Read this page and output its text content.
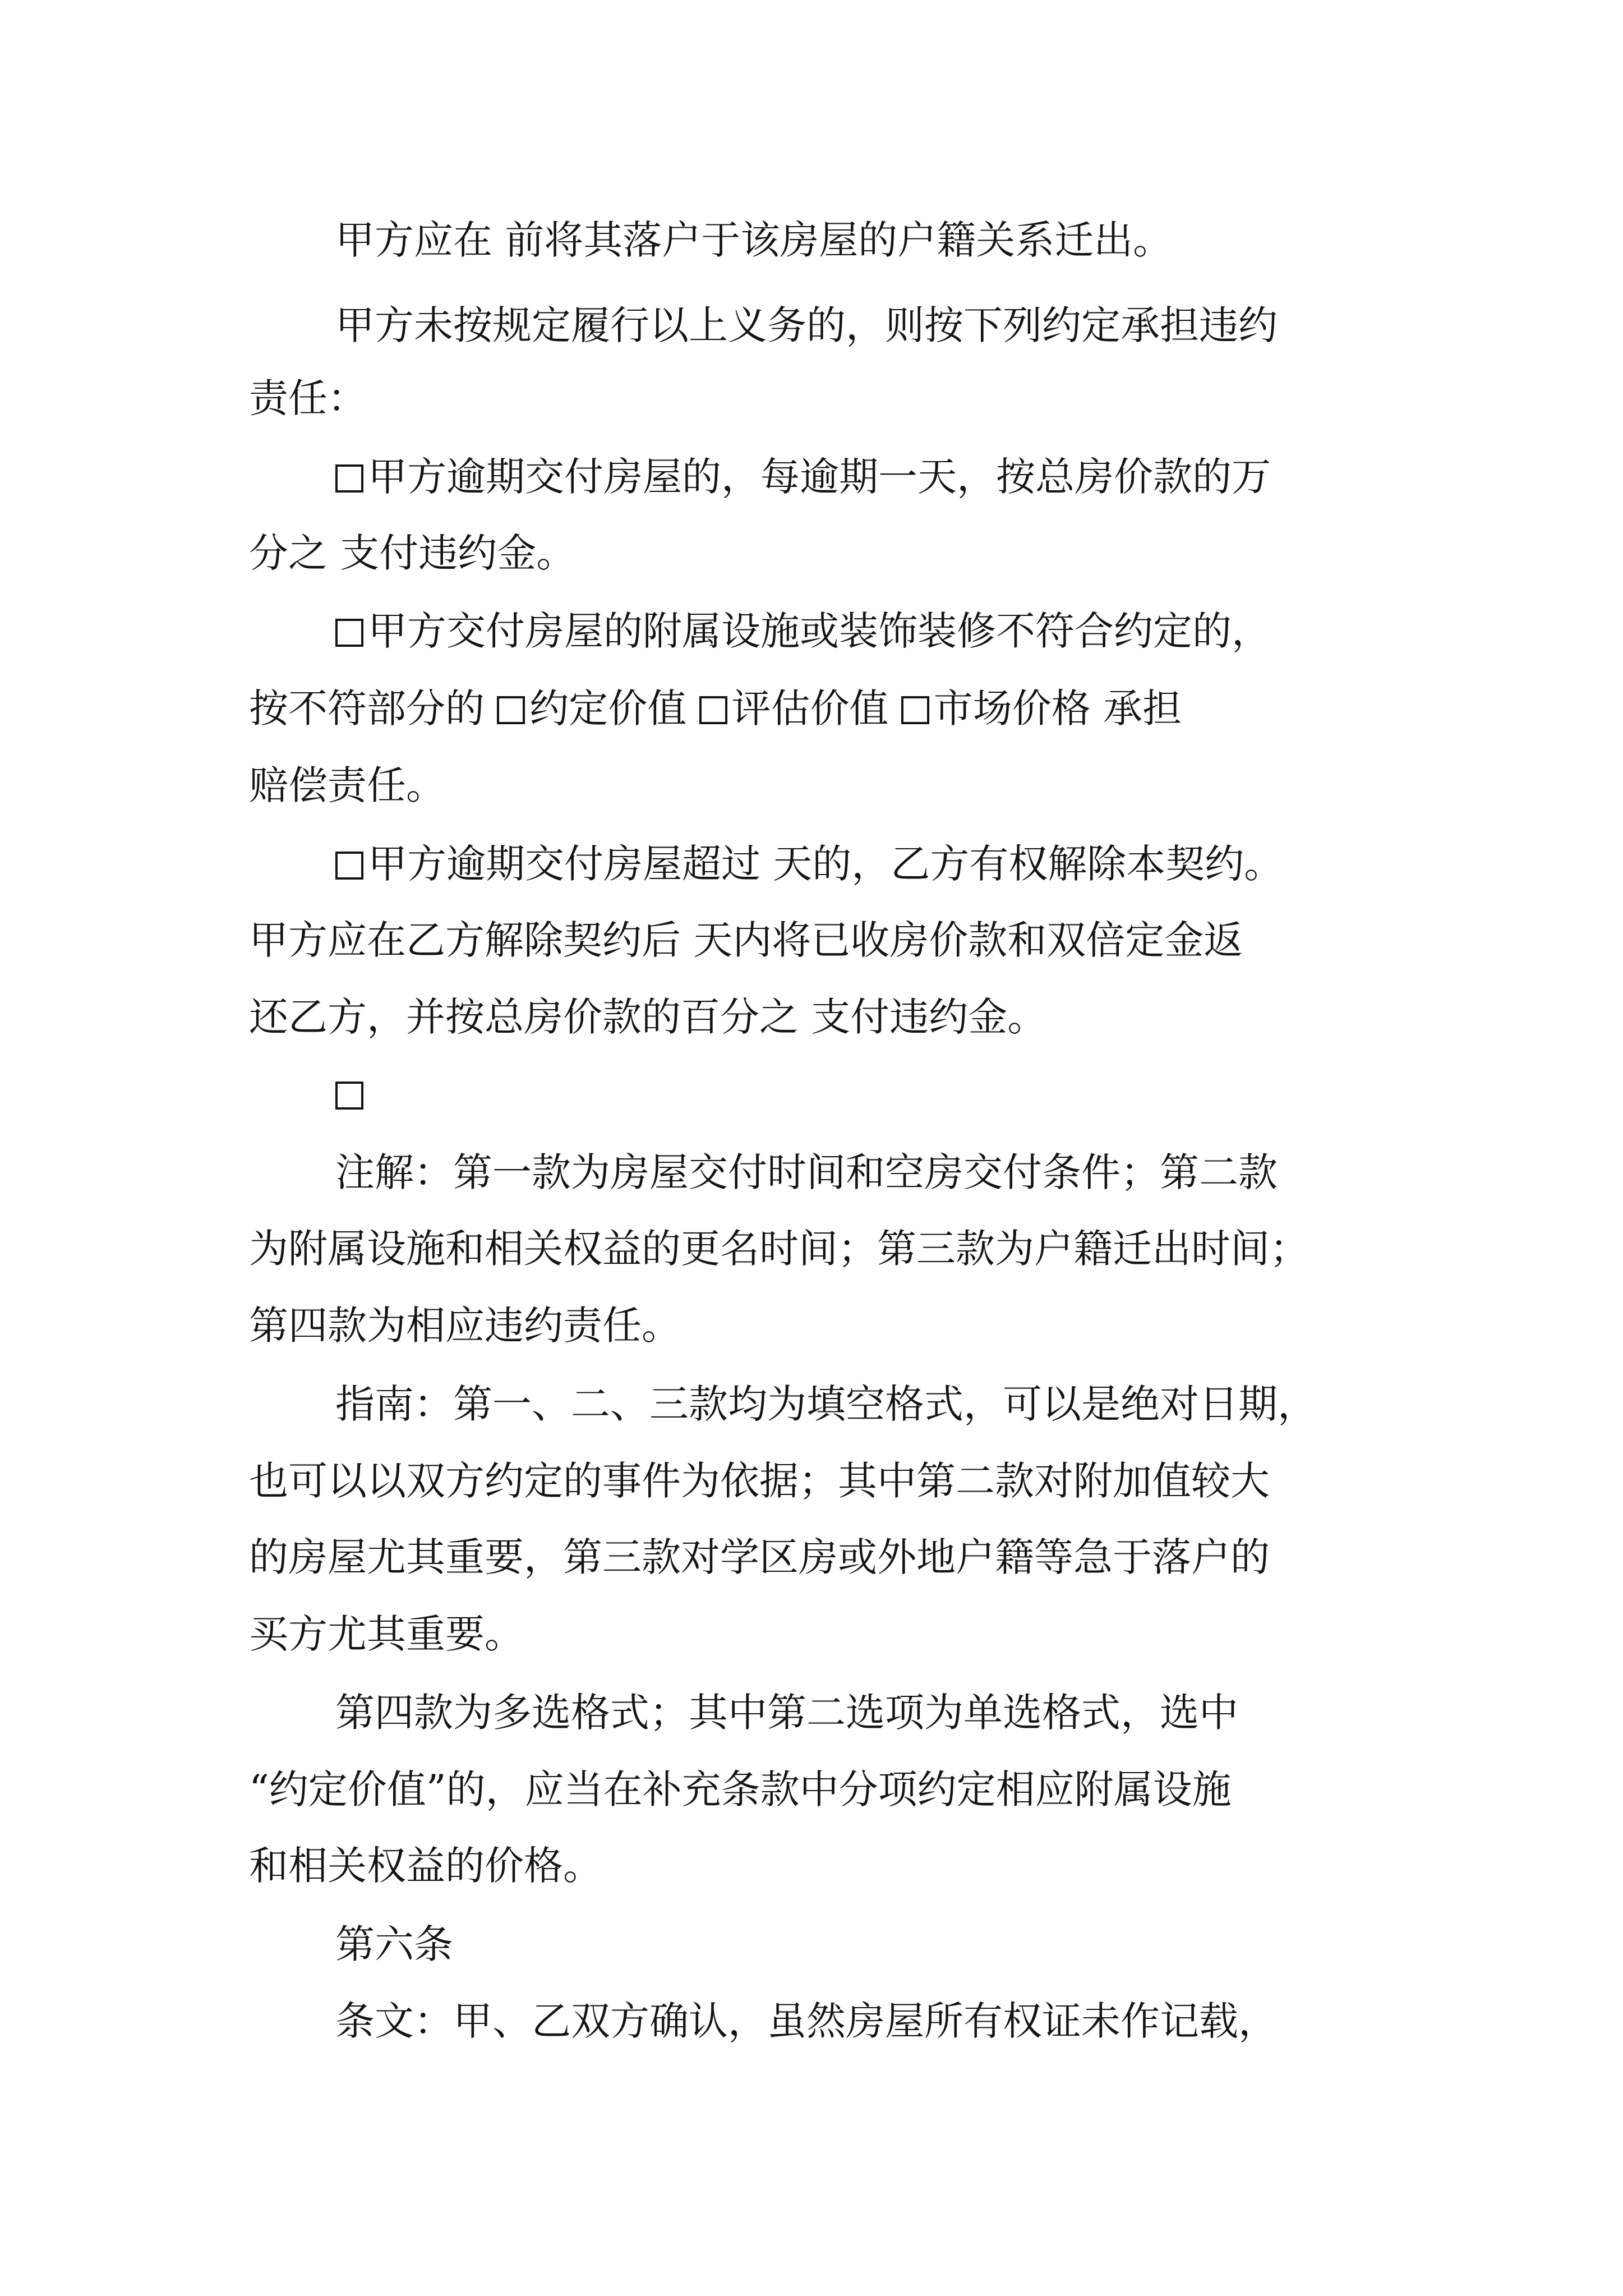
甲方应在 前将其落户于该房屋的户籍关系迁出。
甲方未按规定履行以上义务的，则按下列约定承担违约
责任：
甲方逾期交付房屋的，每逾期一天，按总房价款的万
分之 支付违约金。
甲方交付房屋的附属设施或装饰装修不符合约定的，
按不符部分的 约定价值 评估价值 市场价格 承担
赔偿责任。
甲方逾期交付房屋超过 天的，乙方有权解除本契约。
甲方应在乙方解除契约后 天内将已收房价款和双倍定金返
还乙方，并按总房价款的百分之 支付违约金。
注解：第一款为房屋交付时间和空房交付条件；第二款
为附属设施和相关权益的更名时间；第三款为户籍迁出时间；
第四款为相应违约责任。
指南：第一、二、三款均为填空格式，可以是绝对日期，
也可以以双方约定的事件为依据；其中第二款对附加值较大
的房屋尤其重要，第三款对学区房或外地户籍等急于落户的
买方尤其重要。
第四款为多选格式；其中第二选项为单选格式，选中
“约定价值”的，应当在补充条款中分项约定相应附属设施
和相关权益的价格。
第六条
条文：甲、乙双方确认，虽然房屋所有权证未作记载，
